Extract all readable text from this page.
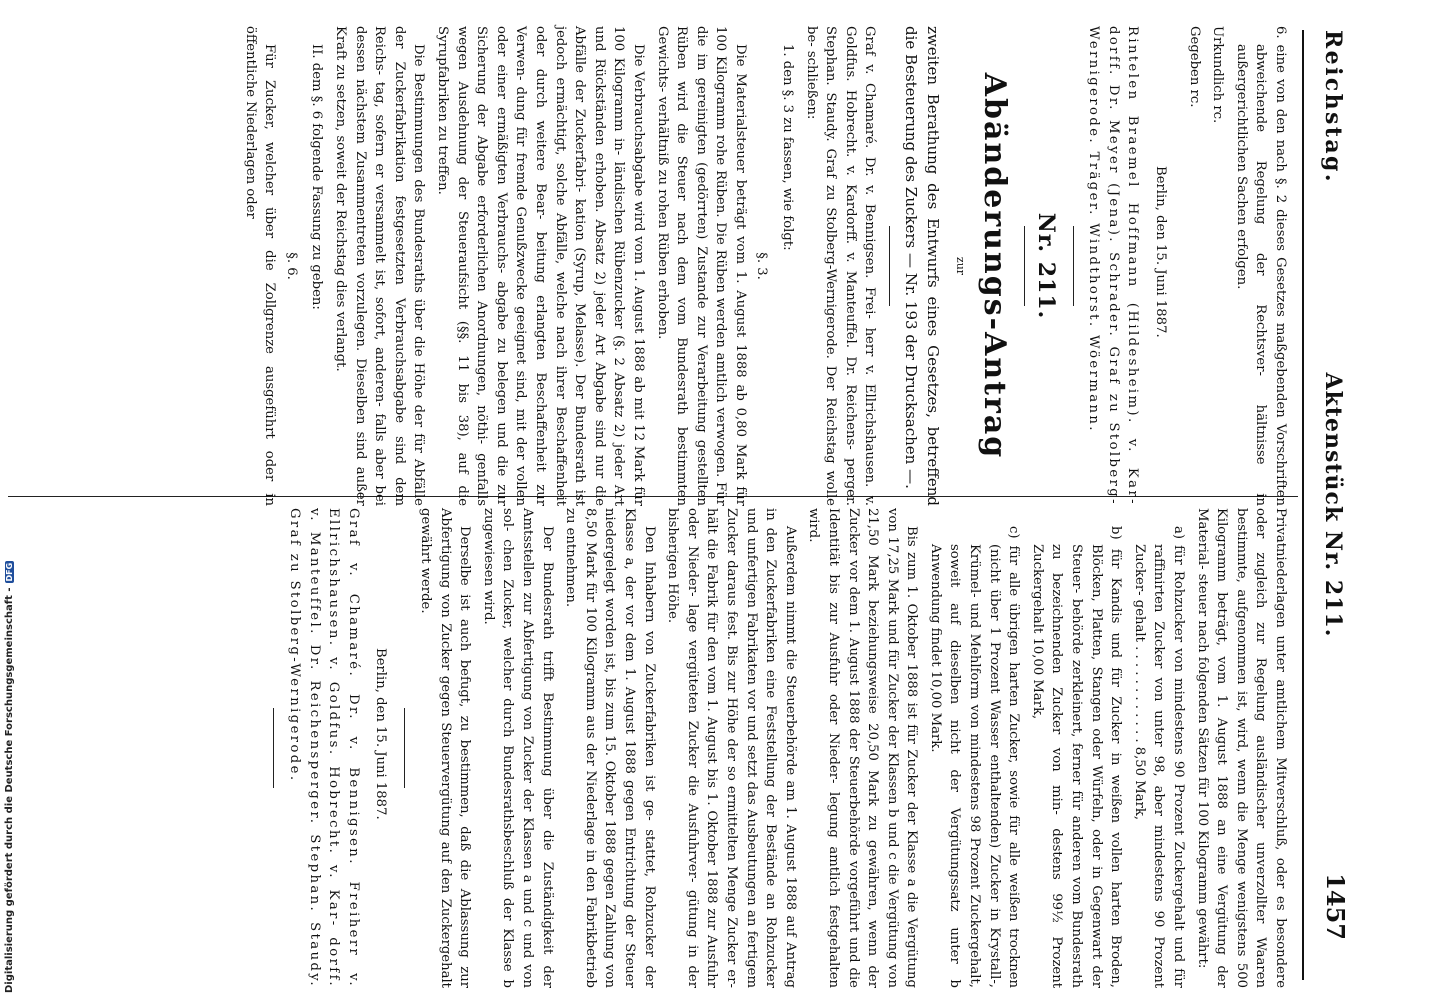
Reichstag.
Aktenstück Nr. 211.
1457

6. eine von den nach §. 2 dieses Gesetzes maßgebenden Vorschriften abweichende Regelung der Rechtsver- hältnisse in außergerichtlichen Sachen erfolgen.

Urkundlich rc.

Gegeben rc.

Berlin, den 15. Juni 1887.

Rintelen Braemel Hoffmann (Hildesheim). v. Kar- dorff. Dr. Meyer (Jena). Schrader. Graf zu Stolberg- Wernigerode. Träger. Windthorst. Wöermann.

Nr. 211.

Abänderungs-Antrag

zur

zweiten Berathung des Entwurfs eines Gesetzes, betreffend die Besteuerung des Zuckers — Nr. 193 der Drucksachen —.

Graf v. Chamaré. Dr. v. Bennigsen. Frei- herr v. Ellrichshausen. v. Goldfus. Hobrecht. v. Kardorff. v. Manteuffel. Dr. Reichens- perger. Stephan. Staudy. Graf zu Stolberg-Wernigerode. Der Reichstag wolle be- schließen:

1. den §. 3 zu fassen, wie folgt:

§. 3.

Die Materialsteuer beträgt vom 1. August 1888 ab 0,80 Mark für 100 Kilogramm rohe Rüben. Die Rüben werden amtlich verwogen. Für die im gereinigten (gedörrten) Zustande zur Verarbeitung gestellten Rüben wird die Steuer nach dem vom Bundesrath bestimmten Gewichts- verhältniß zu rohen Rüben erhoben.

Die Verbrauchsabgabe wird vom 1. August 1888 ab mit 12 Mark für 100 Kilogramm in- ländischen Rübenzucker (§. 2 Absatz 2) jeder Art und Rückständen erhoben. Absatz 2) jeder Art Abgabe sind nur die Abfälle der Zuckerfabri- kation (Syrup, Melasse). Der Bundesrath ist jedoch ermächtigt, solche Abfälle, welche nach ihrer Beschaffenheit oder durch weitere Bear- beitung erlangten Beschaffenheit zur Verwen- dung für fremde Genußzwecke geeignet sind, mit der vollen oder einer ermäßigten Verbrauchs- abgabe zu belegen und die zur Sicherung der Abgabe erforderlichen Anordnungen, nöthi- genfalls wegen Ausdehnung der Steueraufsicht (§§. 11 bis 38), auf die Syrupfabriken zu treffen.

Die Bestimmungen des Bundesraths über die Höhe der für Abfälle der Zuckerfabrikation festgesetzten Verbrauchsabgabe sind dem Reichs- tag, sofern er versammelt ist, sofort, anderen- falls aber bei dessen nächstem Zusammentreten vorzulegen. Dieselben sind außer Kraft zu setzen, soweit der Reichstag dies verlangt.

II. dem §. 6 folgende Fassung zu geben:

§. 6.

Für Zucker, welcher über die Zollgrenze ausgeführt oder in öffentliche Niederlagen oder

Privatniederlagen unter amtlichem Mitverschluß, oder es besondere oder zugleich zur Regelung ausländischer unverzollter Waaren bestimmte, aufgenommen ist, wird, wenn die Menge wenigstens 500 Kilogramm beträgt, vom 1. August 1888 an eine Vergütung der Material- steuer nach folgenden Sätzen für 100 Kilogramm gewährt:

a) für Rohzucker von mindestens 90 Prozent Zuckergehalt und für raffinirten Zucker von unter 98, aber mindestens 90 Prozent Zucker- gehalt . . . . . . . . . . . . 8,50 Mark,

b) für Kandis und für Zucker in weißen vollen harten Broden, Blöcken, Platten, Stangen oder Würfeln, oder in Gegenwart der Steuer- behörde zerkleinert, ferner für anderen vom Bundesrath zu bezeichnenden Zucker von min- destens 99½ Prozent Zuckergehalt 10,00 Mark,

c) für alle übrigen harten Zucker, sowie für alle weißen trocknen (nicht über 1 Prozent Wasser enthaltenden) Zucker in Krystall-, Krümel- und Mehlform von mindestens 98 Prozent Zuckergehalt, soweit auf dieselben nicht der Vergütungssatz unter b Anwendung findet 10,00 Mark.

Bis zum 1. Oktober 1888 ist für Zucker der Klasse a die Vergütung von 17,25 Mark und für Zucker der Klassen b und c die Vergütung von 21,50 Mark beziehungsweise 20,50 Mark zu gewähren, wenn der Zucker vor dem 1. August 1888 der Steuerbehörde vorgeführt und die Identität bis zur Ausfuhr oder Nieder- legung amtlich festgehalten wird.

Außerdem nimmt die Steuerbehörde am 1. August 1888 auf Antrag in den Zuckerfabriken eine Feststellung der Bestände an Rohzucker und unfertigen Fabrikaten vor und setzt das Ausbeutungen an fertigem Zucker daraus fest. Bis zur Höhe der so ermittelten Menge Zucker er- hält die Fabrik für den vom 1. August bis 1. Oktober 1888 zur Ausfuhr oder Nieder- lage vergüteten Zucker die Ausfuhrver- gütung in der bisherigen Höhe.

Den Inhabern von Zuckerfabriken ist ge- stattet, Rohzucker der Klasse a, der vor dem 1. August 1888 gegen Entrichtung der Steuer niedergelegt worden ist, bis zum 15. Oktober 1888 gegen Zahlung von 8,50 Mark für 100 Kilogramm aus der Niederlage in den Fabrikbetrieb zu entnehmen.

Der Bundesrath trifft Bestimmung über die Zuständigkeit der Amtsstellen zur Abfertigung von Zucker der Klassen a und c und von sol- chen Zucker, welcher durch Bundesrathsbeschluß der Klasse b zugewiesen wird.

Derselbe ist auch befugt, zu bestimmen, daß die Ablassung zur Abfertigung von Zucker gegen Steuervergütung auf den Zuckergehalt gewährt werde.

Berlin, den 15. Juni 1887.

Graf v. Chamaré. Dr. v. Bennigsen. Freiherr v. Ellrichshausen. v. Goldfus. Hobrecht. v. Kar- dorff. v. Manteuffel. Dr. Reichensperger. Stephan. Staudy. Graf zu Stolberg-Wernigerode.

Digitalisierung gefördert durch die Deutsche Forschungsgemeinschaft -
DFG
